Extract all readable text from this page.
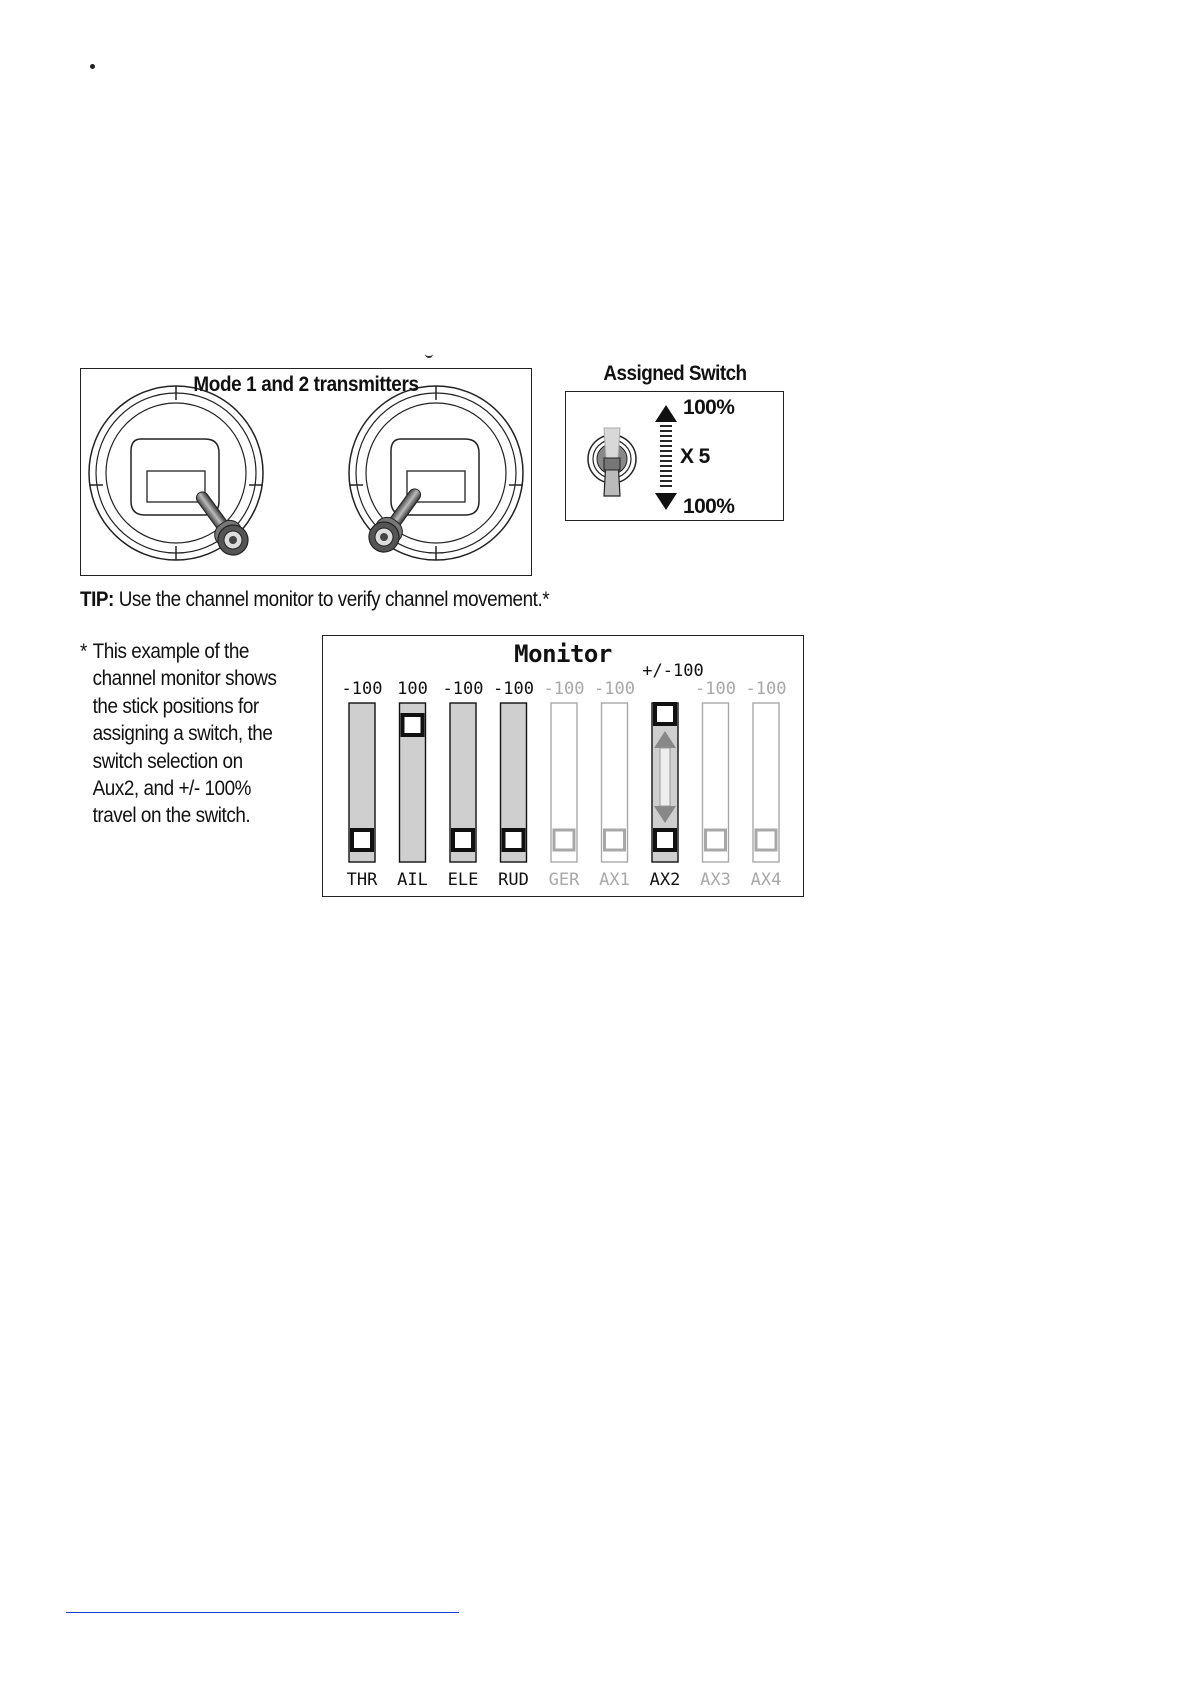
Mode 1 and 2 transmitters	Assigned Switch
100%
X 5
100%
TIP: Use the channel monitor to verify channel movement.*
* This example of the
channel monitor shows
the stick positions for
assigning a switch, the
switch selection on
Aux2, and +/- 100%
travel on the switch.
Monitor
+/-100
-100
THR
100
AIL
-100
ELE
-100
RUD
-100
GER
-100
AX1 AX2
-100
AX3
-100
AX4
